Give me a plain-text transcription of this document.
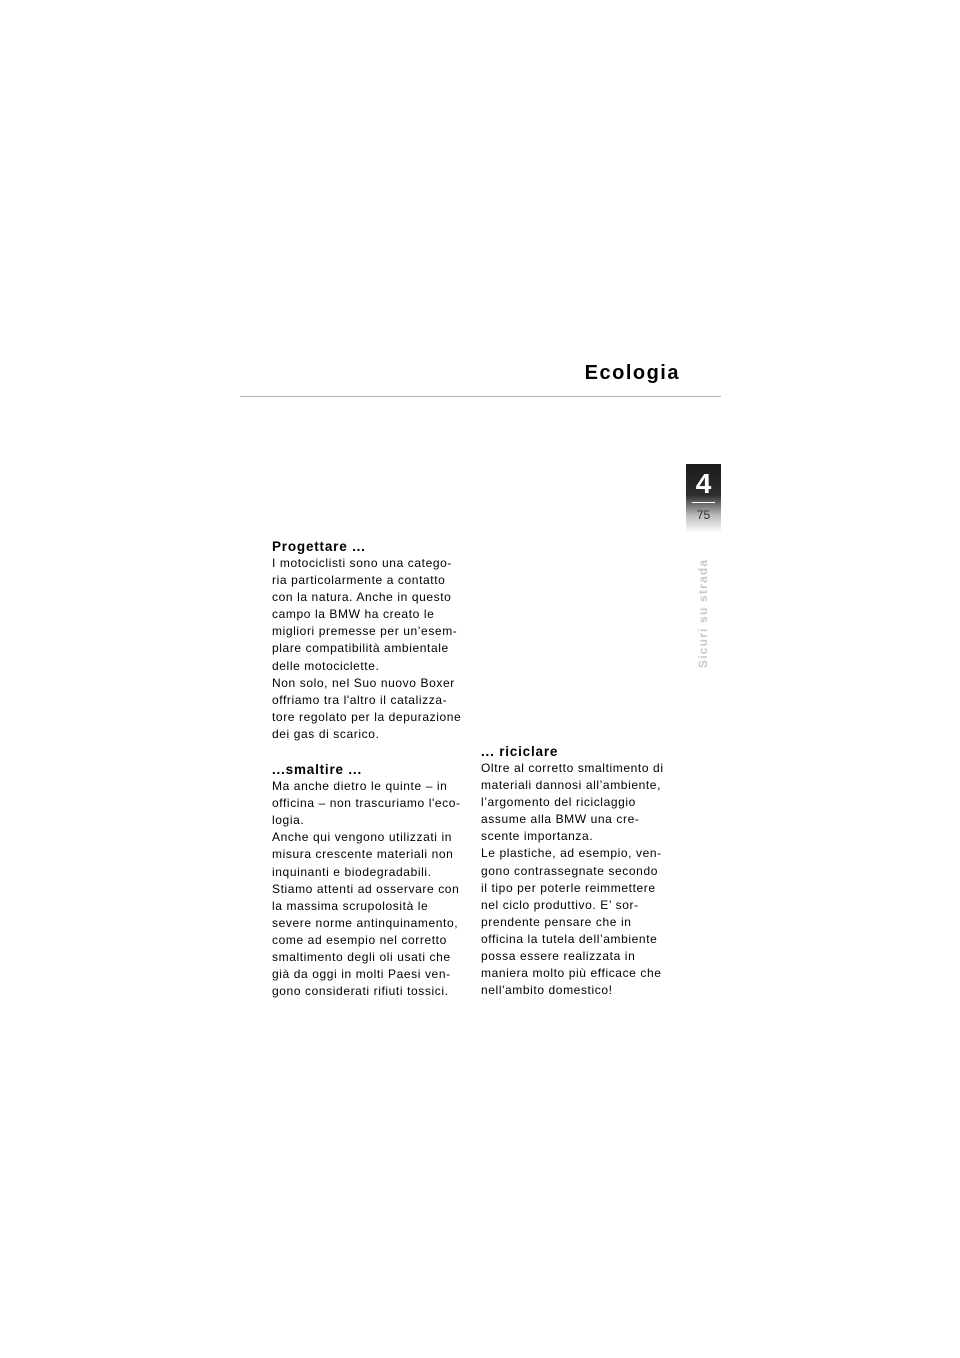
Ecologia
4
75
Sicuri su strada
Progettare ...
I motociclisti sono una catego-
ria particolarmente a contatto
con la natura. Anche in questo
campo la BMW ha creato le
migliori premesse per un’esem-
plare compatibilità ambientale
delle motociclette.
Non solo, nel Suo nuovo Boxer
offriamo tra l'altro il catalizza-
tore regolato per la depurazione
dei gas di scarico.
...smaltire ...
Ma anche dietro le quinte – in
officina – non trascuriamo l'eco-
logia.
Anche qui vengono utilizzati in
misura crescente materiali non
inquinanti e biodegradabili.
Stiamo attenti ad osservare con
la massima scrupolosità le
severe norme antinquinamento,
come ad esempio nel corretto
smaltimento degli oli usati che
già da oggi in molti Paesi ven-
gono considerati rifiuti tossici.
... riciclare
Oltre al corretto smaltimento di
materiali dannosi all’ambiente,
l’argomento del riciclaggio
assume alla BMW una cre-
scente importanza.
Le plastiche, ad esempio, ven-
gono contrassegnate secondo
il tipo per poterle reimmettere
nel ciclo produttivo. E’ sor-
prendente pensare che in
officina la tutela dell’ambiente
possa essere realizzata in
maniera molto più efficace che
nell'ambito domestico!
